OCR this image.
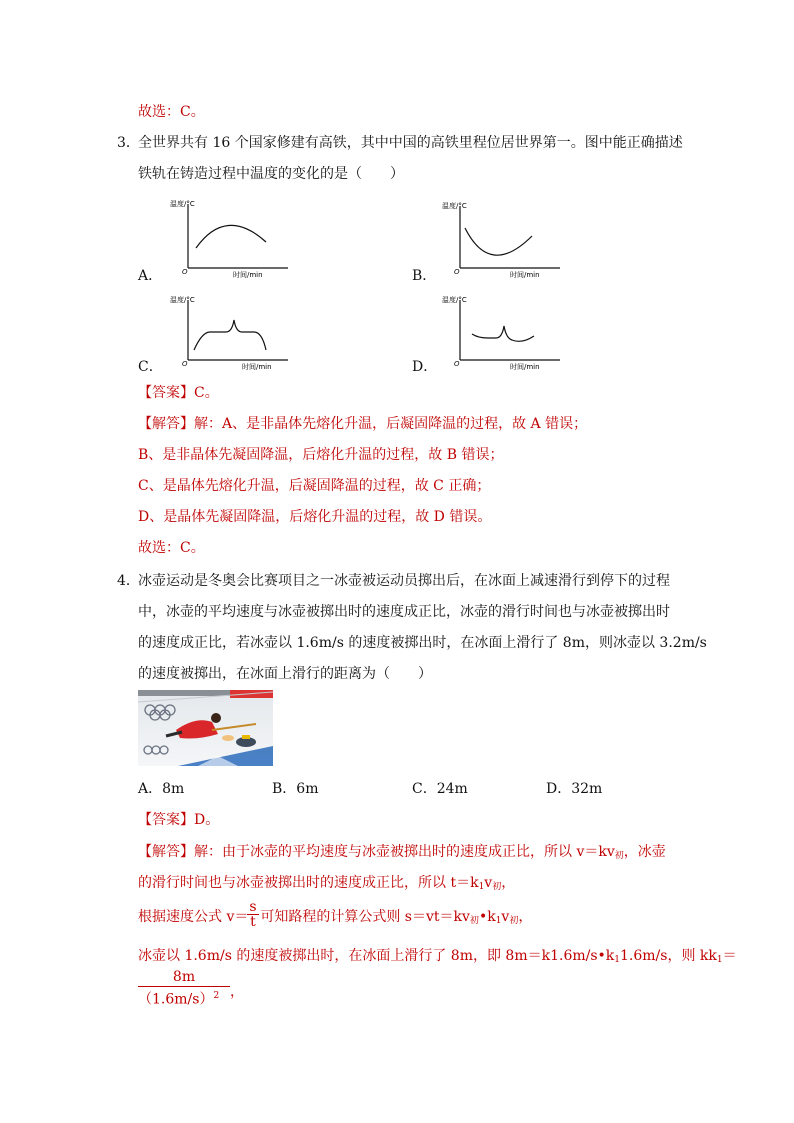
故选：C。
3．
全世界共有 16 个国家修建有高铁，其中中国的高铁里程位居世界第一。图中能正确描述
铁轨在铸造过程中温度的变化的是（　　）
A．
温度/°C
O	时间/min	B．
温度/°C
O	时间/min
C．
温度/°C
O	时间/min	D．
温度/°C
O	时间/min
【答案】C。
【解答】解：A、是非晶体先熔化升温，后凝固降温的过程，故 A 错误；
B、是非晶体先凝固降温，后熔化升温的过程，故 B 错误；
C、是晶体先熔化升温，后凝固降温的过程，故 C 正确；
D、是晶体先凝固降温，后熔化升温的过程，故 D 错误。
故选：C。
4．
冰壶运动是冬奥会比赛项目之一冰壶被运动员掷出后，在冰面上减速滑行到停下的过程
中，冰壶的平均速度与冰壶被掷出时的速度成正比，冰壶的滑行时间也与冰壶被掷出时
的速度成正比，若冰壶以 1.6m/s 的速度被掷出时，在冰面上滑行了 8m，则冰壶以 3.2m/s
的速度被掷出，在冰面上滑行的距离为（　　）
A．8m	B．6m	C．24m	D．32m
【答案】D。
【解答】解：由于冰壶的平均速度与冰壶被掷出时的速度成正比，所以 $v=kv_初$，冰壶
的滑行时间也与冰壶被掷出时的速度成正比，所以 $t=k_1v_初$，
根据速度公式 v＝ 可知路程的计算公式则 $s=vt=kv_初•k_1v_初$，
$\frac{s}{t}$
冰壶以 1.6m/s 的速度被掷出时，在冰面上滑行了 8m，即 $8m=k1.6m/s•k_11.6m/s$，则 $kk_1=$
$\frac{8m}{(1.6m/s)^2}$ ，
